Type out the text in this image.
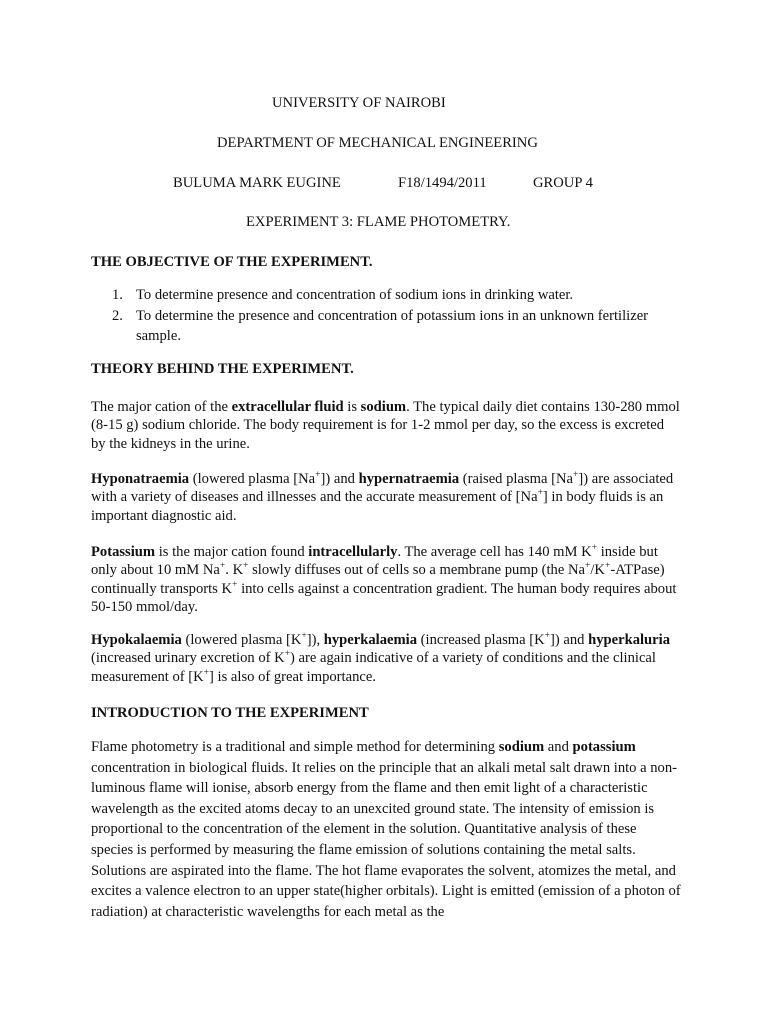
UNIVERSITY OF NAIROBI
DEPARTMENT OF MECHANICAL ENGINEERING
BULUMA MARK EUGINE	F18/1494/2011	GROUP 4
EXPERIMENT 3: FLAME PHOTOMETRY.
THE OBJECTIVE OF THE EXPERIMENT.
1. To determine presence and concentration of sodium ions in drinking water.
2. To determine the presence and concentration of potassium ions in an unknown fertilizer sample.
THEORY BEHIND THE EXPERIMENT.

The major cation of the extracellular fluid is sodium. The typical daily diet contains 130-280 mmol (8-15 g) sodium chloride. The body requirement is for 1-2 mmol per day, so the excess is excreted by the kidneys in the urine.

Hyponatraemia (lowered plasma [Na+]) and hypernatraemia (raised plasma [Na+]) are associated with a variety of diseases and illnesses and the accurate measurement of [Na+] in body fluids is an important diagnostic aid.

Potassium is the major cation found intracellularly. The average cell has 140 mM K+ inside but only about 10 mM Na+. K+ slowly diffuses out of cells so a membrane pump (the Na+/K+-ATPase) continually transports K+ into cells against a concentration gradient. The human body requires about 50-150 mmol/day.

Hypokalaemia (lowered plasma [K+]), hyperkalaemia (increased plasma [K+]) and hyperkaluria (increased urinary excretion of K+) are again indicative of a variety of conditions and the clinical measurement of [K+] is also of great importance.

INTRODUCTION TO THE EXPERIMENT

Flame photometry is a traditional and simple method for determining sodium and potassium concentration in biological fluids. It relies on the principle that an alkali metal salt drawn into a non-luminous flame will ionise, absorb energy from the flame and then emit light of a characteristic wavelength as the excited atoms decay to an unexcited ground state. The intensity of emission is proportional to the concentration of the element in the solution. Quantitative analysis of these species is performed by measuring the flame emission of solutions containing the metal salts. Solutions are aspirated into the flame. The hot flame evaporates the solvent, atomizes the metal, and excites a valence electron to an upper state(higher orbitals). Light is emitted (emission of a photon of radiation) at characteristic wavelengths for each metal as the
